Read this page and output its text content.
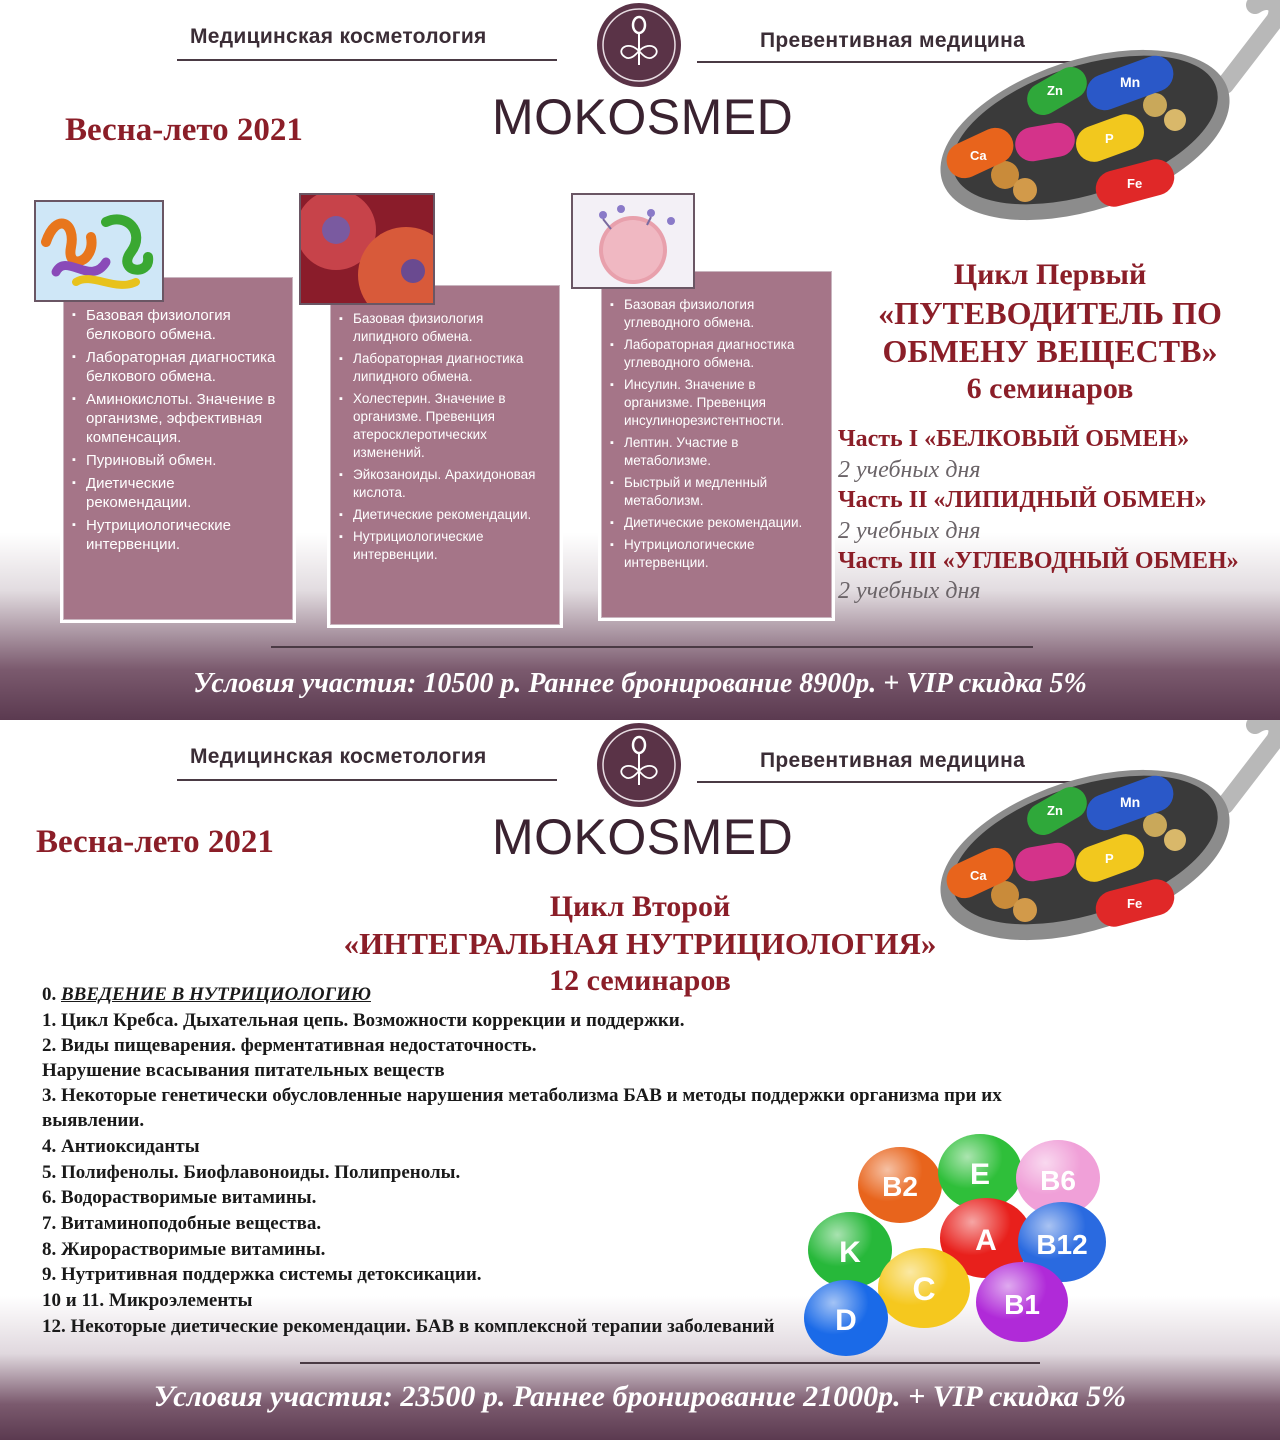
Медицинская косметология	Превентивная медицина
MOKOSMED
Весна-лето 2021
Ca
Zn
Mn
P
Fe
▪ Базовая физиология белкового обмена.
▪ Лабораторная диагностика белкового обмена.
▪ Аминокислоты. Значение в организме, эффективная компенсация.
▪ Пуриновый обмен.
▪ Диетические рекомендации.
▪ Нутрициологические интервенции.
▪ Базовая физиология липидного обмена.
▪ Лабораторная диагностика липидного обмена.
▪ Холестерин. Значение в организме. Превенция атеросклеротических изменений.
▪ Эйкозаноиды. Арахидоновая кислота.
▪ Диетические рекомендации.
▪ Нутрициологические интервенции.
▪ Базовая физиология углеводного обмена.
▪ Лабораторная диагностика углеводного обмена.
▪ Инсулин. Значение в организме. Превенция инсулинорезистентности.
▪ Лептин. Участие в метаболизме.
▪ Быстрый и медленный метаболизм.
▪ Диетические рекомендации.
▪ Нутрициологические интервенции.
Цикл Первый
«ПУТЕВОДИТЕЛЬ ПО
ОБМЕНУ ВЕЩЕСТВ»
6 семинаров
Часть I «БЕЛКОВЫЙ ОБМЕН»
2 учебных дня
Часть II «ЛИПИДНЫЙ ОБМЕН»
2 учебных дня
Часть III «УГЛЕВОДНЫЙ ОБМЕН»
2 учебных дня
Условия участия: 10500 р. Раннее бронирование 8900р. + VIP скидка 5%
Медицинская косметология	Превентивная медицина
MOKOSMED
Весна-лето 2021
Ca
Zn
Mn
P
Fe
Цикл Второй
«ИНТЕГРАЛЬНАЯ НУТРИЦИОЛОГИЯ»
12 семинаров
0. ВВЕДЕНИЕ В НУТРИЦИОЛОГИЮ
1. Цикл Кребса. Дыхательная цепь. Возможности коррекции и поддержки.
2. Виды пищеварения. ферментативная недостаточность.
Нарушение всасывания питательных веществ
3. Некоторые генетически обусловленные нарушения метаболизма БАВ и методы поддержки организма при их
выявлении.
4. Антиоксиданты
5. Полифенолы. Биофлавоноиды. Полипренолы.
6. Водорастворимые витамины.
7. Витаминоподобные вещества.
8. Жирорастворимые витамины.
9. Нутритивная поддержка системы детоксикации.
10 и 11. Микроэлементы
12. Некоторые диетические рекомендации. БАВ в комплексной терапии заболеваний
B2 E B6
K	A B12
C B1
D
Условия участия: 23500 р. Раннее бронирование 21000р. + VIP скидка 5%
